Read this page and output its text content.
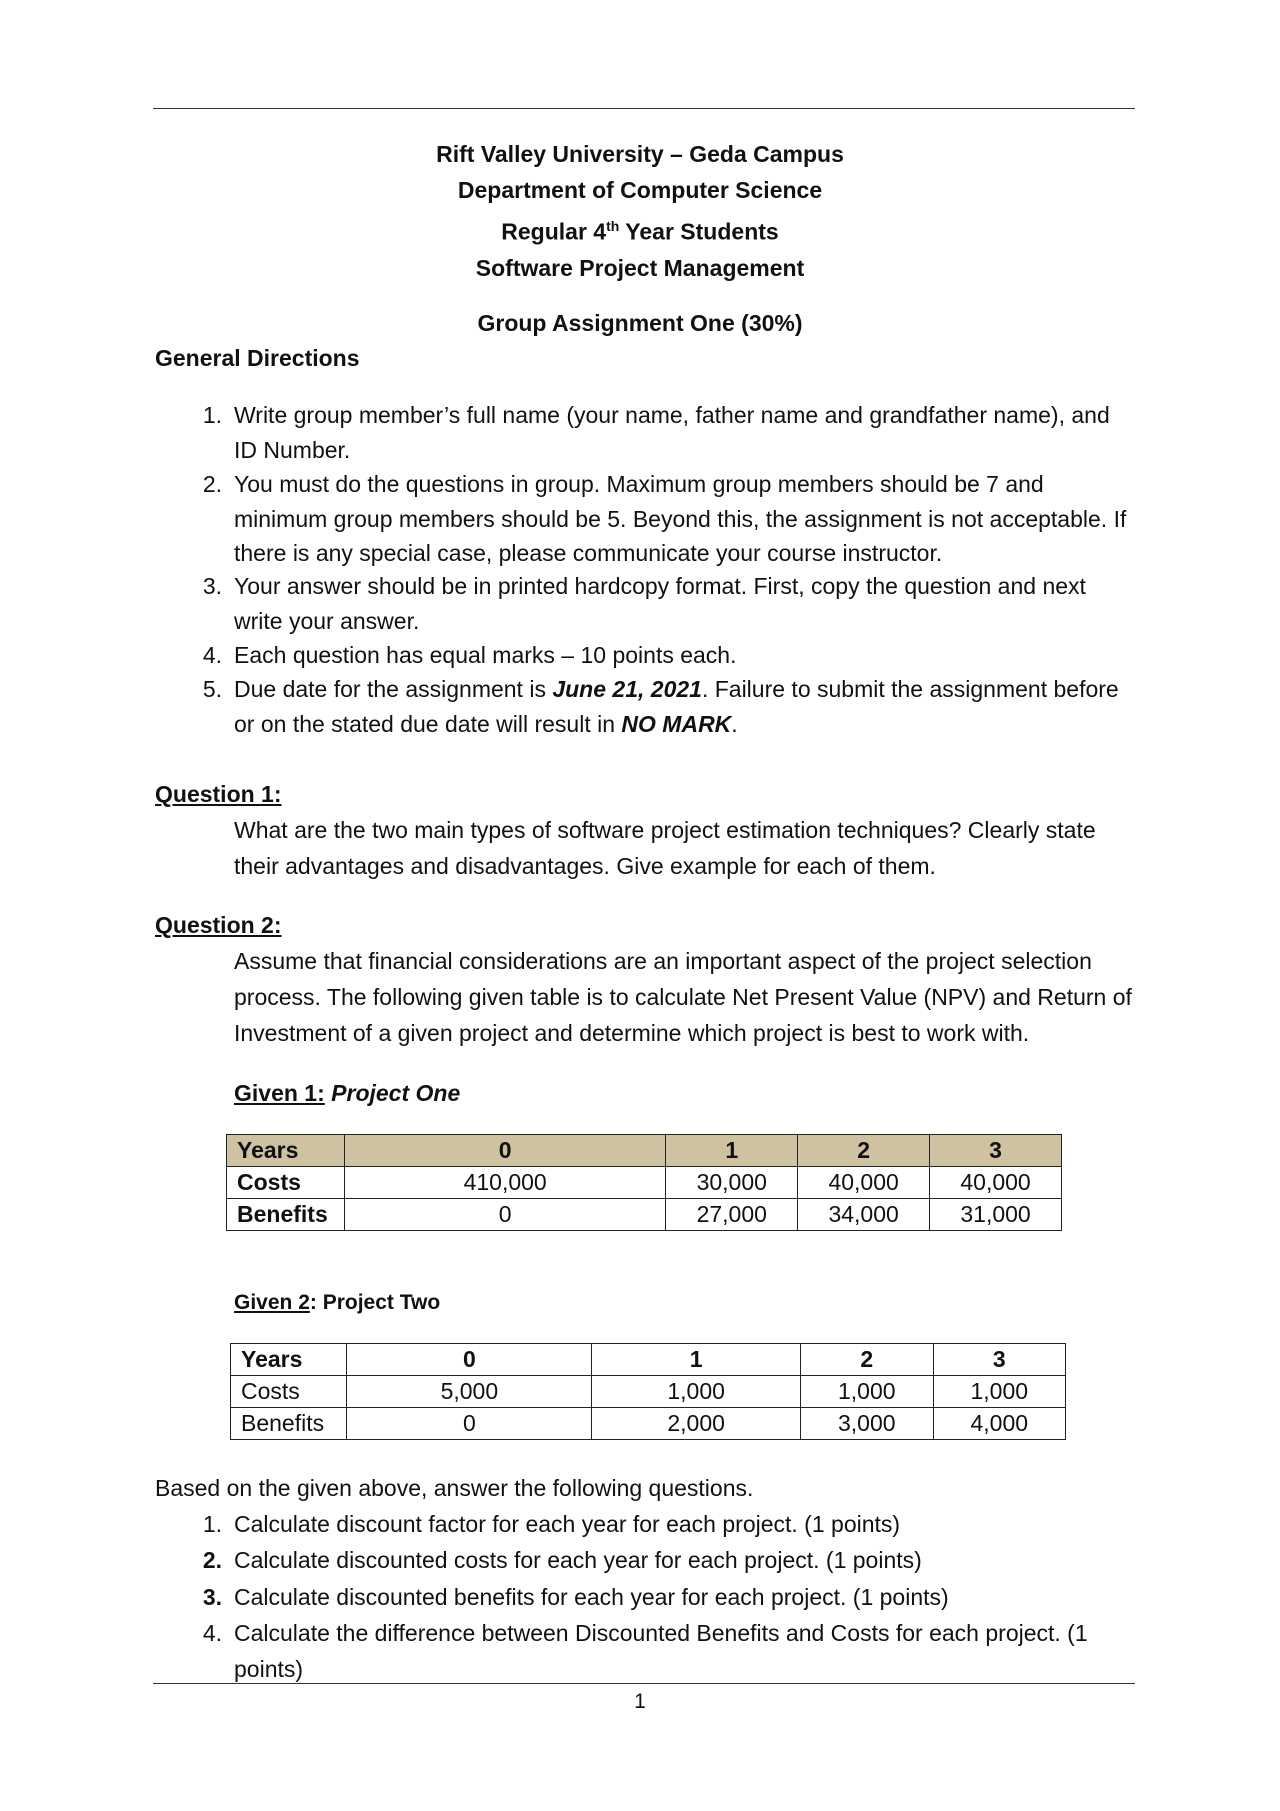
Rift Valley University – Geda Campus
Department of Computer Science
Regular 4th Year Students
Software Project Management
Group Assignment One (30%)
General Directions
1. Write group member’s full name (your name, father name and grandfather name), and ID Number.
2. You must do the questions in group. Maximum group members should be 7 and minimum group members should be 5. Beyond this, the assignment is not acceptable. If there is any special case, please communicate your course instructor.
3. Your answer should be in printed hardcopy format. First, copy the question and next write your answer.
4. Each question has equal marks – 10 points each.
5. Due date for the assignment is June 21, 2021. Failure to submit the assignment before or on the stated due date will result in NO MARK.
Question 1:
What are the two main types of software project estimation techniques? Clearly state their advantages and disadvantages. Give example for each of them.
Question 2:
Assume that financial considerations are an important aspect of the project selection process. The following given table is to calculate Net Present Value (NPV) and Return of Investment of a given project and determine which project is best to work with.
Given 1: Project One
Years	0	1	2	3
Costs	410,000	30,000	40,000	40,000
Benefits	0	27,000	34,000	31,000
Given 2: Project Two
Years	0	1	2	3
Costs	5,000	1,000	1,000	1,000
Benefits	0	2,000	3,000	4,000
Based on the given above, answer the following questions.
1. Calculate discount factor for each year for each project. (1 points)
2. Calculate discounted costs for each year for each project. (1 points)
3. Calculate discounted benefits for each year for each project. (1 points)
4. Calculate the difference between Discounted Benefits and Costs for each project. (1 points)
1
